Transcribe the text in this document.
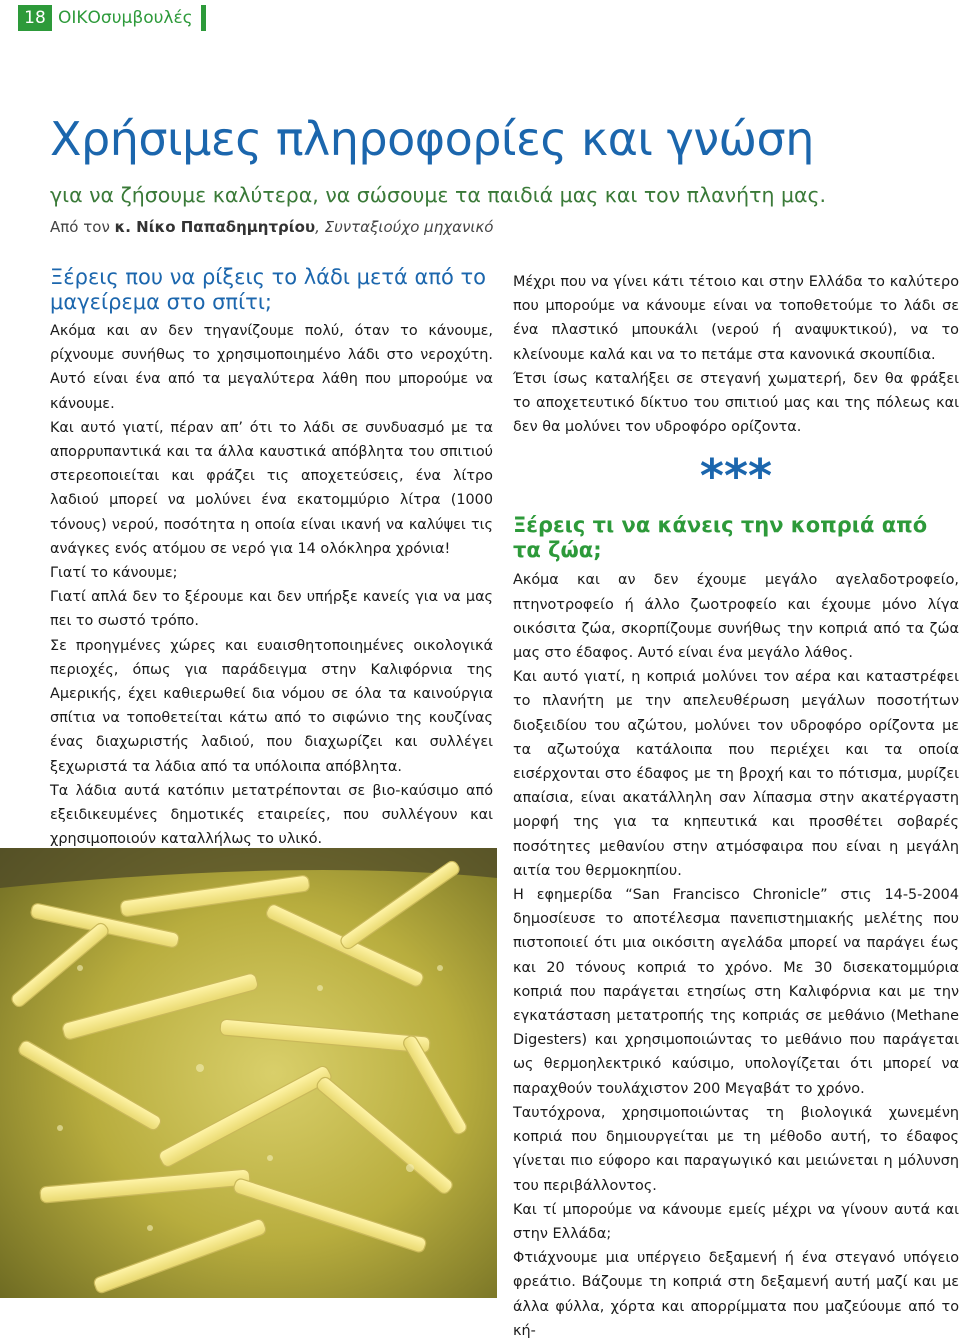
18 ΟΙΚΟσυμβουλές
Χρήσιμες πληροφορίες και γνώση
για να ζήσουμε καλύτερα, να σώσουμε τα παιδιά μας και τον πλανήτη μας.
Από τον κ. Νίκο Παπαδημητρίου, Συνταξιούχο μηχανικό
Ξέρεις που να ρίξεις το λάδι μετά από το μαγείρεμα στο σπίτι;

Ακόμα και αν δεν τηγανίζουμε πολύ, όταν το κάνουμε, ρίχνουμε συνήθως το χρησιμοποιημένο λάδι στο νεροχύτη. Αυτό είναι ένα από τα μεγαλύτερα λάθη που μπορούμε να κάνουμε.

Και αυτό γιατί, πέραν απ’ ότι το λάδι σε συνδυασμό με τα απορρυπαντικά και τα άλλα καυστικά απόβλητα του σπιτιού στερεοποιείται και φράζει τις αποχετεύσεις, ένα λίτρο λαδιού μπορεί να μολύνει ένα εκατομμύριο λίτρα (1000 τόνους) νερού, ποσότητα η οποία είναι ικανή να καλύψει τις ανάγκες ενός ατόμου σε νερό για 14 ολόκληρα χρόνια!

Γιατί το κάνουμε;

Γιατί απλά δεν το ξέρουμε και δεν υπήρξε κανείς για να μας πει το σωστό τρόπο.

Σε προηγμένες χώρες και ευαισθητοποιημένες οικολογικά περιοχές, όπως για παράδειγμα στην Καλιφόρνια της Αμερικής, έχει καθιερωθεί δια νόμου σε όλα τα καινούργια σπίτια να τοποθετείται κάτω από το σιφώνιο της κουζίνας ένας διαχωριστής λαδιού, που διαχωρίζει και συλλέγει ξεχωριστά τα λάδια από τα υπόλοιπα απόβλητα.

Τα λάδια αυτά κατόπιν μετατρέπονται σε βιο-καύσιμο από εξειδικευμένες δημοτικές εταιρείες, που συλλέγουν και χρησιμοποιούν καταλλήλως το υλικό.

Μέχρι που να γίνει κάτι τέτοιο και στην Ελλάδα το καλύτερο που μπορούμε να κάνουμε είναι να τοποθετούμε το λάδι σε ένα πλαστικό μπουκάλι (νερού ή αναψυκτικού), να το κλείνουμε καλά και να το πετάμε στα κανονικά σκουπίδια.

Έτσι ίσως καταλήξει σε στεγανή χωματερή, δεν θα φράξει το αποχετευτικό δίκτυο του σπιτιού μας και της πόλεως και δεν θα μολύνει τον υδροφόρο ορίζοντα.

***
Ξέρεις τι να κάνεις την κοπριά από τα ζώα;

Ακόμα και αν δεν έχουμε μεγάλο αγελαδοτροφείο, πτηνοτροφείο ή άλλο ζωοτροφείο και έχουμε μόνο λίγα οικόσιτα ζώα, σκορπίζουμε συνήθως την κοπριά από τα ζώα μας στο έδαφος. Αυτό είναι ένα μεγάλο λάθος.

Και αυτό γιατί, η κοπριά μολύνει τον αέρα και καταστρέφει το πλανήτη με την απελευθέρωση μεγάλων ποσοτήτων διοξειδίου του αζώτου, μολύνει τον υδροφόρο ορίζοντα με τα αζωτούχα κατάλοιπα που περιέχει και τα οποία εισέρχονται στο έδαφος με τη βροχή και το πότισμα, μυρίζει απαίσια, είναι ακατάλληλη σαν λίπασμα στην ακατέργαστη μορφή της για τα κηπευτικά και προσθέτει σοβαρές ποσότητες μεθανίου στην ατμόσφαιρα που είναι η μεγάλη αιτία του θερμοκηπίου.

Η εφημερίδα “San Francisco Chronicle” στις 14-5-2004 δημοσίευσε το αποτέλεσμα πανεπιστημιακής μελέτης που πιστοποιεί ότι μια οικόσιτη αγελάδα μπορεί να παράγει έως και 20 τόνους κοπριά το χρόνο. Με 30 δισεκατομμύρια κοπριά που παράγεται ετησίως στη Καλιφόρνια και με την εγκατάσταση μετατροπής της κοπριάς σε μεθάνιο (Methane Digesters) και χρησιμοποιώντας το μεθάνιο που παράγεται ως θερμοηλεκτρικό καύσιμο, υπολογίζεται ότι μπορεί να παραχθούν τουλάχιστον 200 Μεγαβάτ το χρόνο.

Ταυτόχρονα, χρησιμοποιώντας τη βιολογικά χωνεμένη κοπριά που δημιουργείται με τη μέθοδο αυτή, το έδαφος γίνεται πιο εύφορο και παραγωγικό και μειώνεται η μόλυνση του περιβάλλοντος.

Και τί μπορούμε να κάνουμε εμείς μέχρι να γίνουν αυτά και στην Ελλάδα;

Φτιάχνουμε μια υπέργειο δεξαμενή ή ένα στεγανό υπόγειο φρεάτιο. Βάζουμε τη κοπριά στη δεξαμενή αυτή μαζί και με άλλα φύλλα, χόρτα και απορρίμματα που μαζεύουμε από το κή-
